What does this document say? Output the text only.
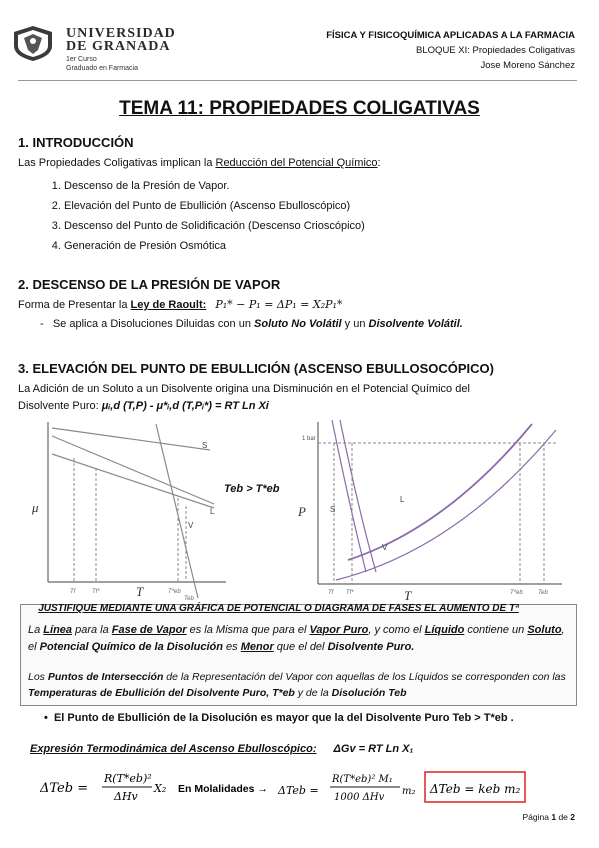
UNIVERSIDAD
DE GRANADA
1er Curso
Graduado en Farmacia
FÍSICA Y FISICOQUÍMICA APLICADAS A LA FARMACIA
BLOQUE XI: Propiedades Coligativas
Jose Moreno Sánchez
TEMA 11: PROPIEDADES COLIGATIVAS
1. INTRODUCCIÓN
Las Propiedades Coligativas implican la Reducción del Potencial Químico:
1. Descenso de la Presión de Vapor.
2. Elevación del Punto de Ebullición (Ascenso Ebulloscópico)
3. Descenso del Punto de Solidificación (Descenso Crioscópico)
4. Generación de Presión Osmótica
2. DESCENSO DE LA PRESIÓN DE VAPOR
Forma de Presentar la Ley de Raoult: P₁* − P₁ = ΔP₁ = X₂P₁*
-   Se aplica a Disoluciones Diluidas con un Soluto No Volátil y un Disolvente Volátil.
3. ELEVACIÓN DEL PUNTO DE EBULLICIÓN (ASCENSO EBULLOSOCÓPICO)
La Adición de un Soluto a un Disolvente origina una Disminución en el Potencial Químico del
Disolvente Puro: μᵢ,d (T,P) - μ*ᵢ,d (T,Pᵢ*) = RT Ln Xi
μ
T
S
L
V
Tf	Tf*	T*eb
Teb
Teb > T*eb
P
T
1 bar
S
L
V
Tf Tf*	T*eb	Teb
JUSTIFIQUE MEDIANTE UNA GRÁFICA DE POTENCIAL O DIAGRAMA DE FASES EL AUMENTO DE Tª
La Línea para la Fase de Vapor es la Misma que para el Vapor Puro, y como el Líquido contiene un Soluto, el Potencial Químico de la Disolución es Menor que el del Disolvente Puro.
Los Puntos de Intersección de la Representación del Vapor con aquellas de los Líquidos se corresponden con las Temperaturas de Ebullición del Disolvente Puro, T*eb y de la Disolución Teb
•  El Punto de Ebullición de la Disolución es mayor que la del Disolvente Puro Teb > T*eb .
Expresión Termodinámica del Ascenso Ebulloscópico: ΔGv = RT Ln X₁
ΔTeb =
R(T*eb)²
ΔHv
X₂ En Molalidades → ΔTeb =
R(T*eb)² M₁
1000 ΔHv
m₂ ΔTeb = keb m₂
Página 1 de 2
